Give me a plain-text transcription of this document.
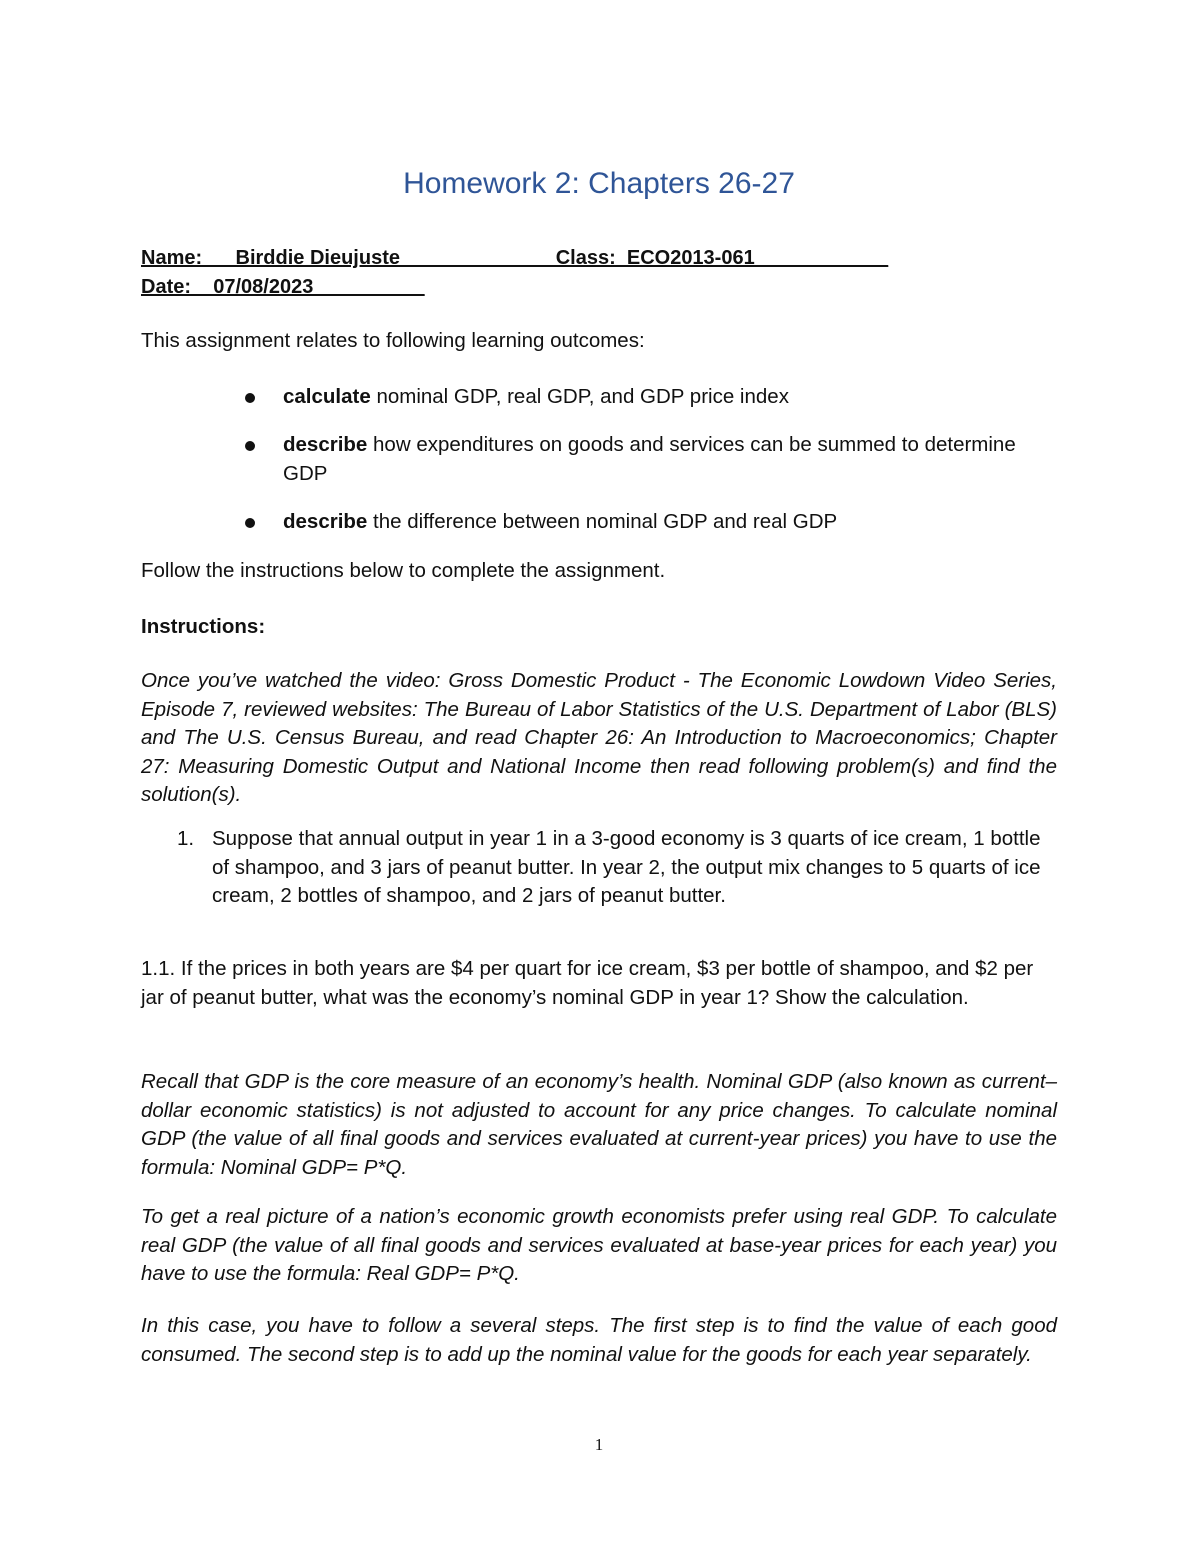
Homework 2: Chapters 26-27
Name:___Birddie Dieujuste______________Class:_ECO2013-061____________
Date:__07/08/2023__________
This assignment relates to following learning outcomes:
calculate nominal GDP, real GDP, and GDP price index
describe how expenditures on goods and services can be summed to determine GDP
describe the difference between nominal GDP and real GDP
Follow the instructions below to complete the assignment.
Instructions:
Once you’ve watched the video: Gross Domestic Product - The Economic Lowdown Video Series, Episode 7, reviewed websites: The Bureau of Labor Statistics of the U.S. Department of Labor (BLS) and The U.S. Census Bureau, and read Chapter 26: An Introduction to Macroeconomics; Chapter 27: Measuring Domestic Output and National Income then read following problem(s) and find the solution(s).
1. Suppose that annual output in year 1 in a 3-good economy is 3 quarts of ice cream, 1 bottle of shampoo, and 3 jars of peanut butter. In year 2, the output mix changes to 5 quarts of ice cream, 2 bottles of shampoo, and 2 jars of peanut butter.
1.1. If the prices in both years are $4 per quart for ice cream, $3 per bottle of shampoo, and $2 per jar of peanut butter, what was the economy’s nominal GDP in year 1? Show the calculation.
Recall that GDP is the core measure of an economy’s health. Nominal GDP (also known as current–dollar economic statistics) is not adjusted to account for any price changes. To calculate nominal GDP (the value of all final goods and services evaluated at current-year prices) you have to use the formula: Nominal GDP= P*Q.
To get a real picture of a nation’s economic growth economists prefer using real GDP. To calculate real GDP (the value of all final goods and services evaluated at base-year prices for each year) you have to use the formula: Real GDP= P*Q.
In this case, you have to follow a several steps. The first step is to find the value of each good consumed. The second step is to add up the nominal value for the goods for each year separately.
1
